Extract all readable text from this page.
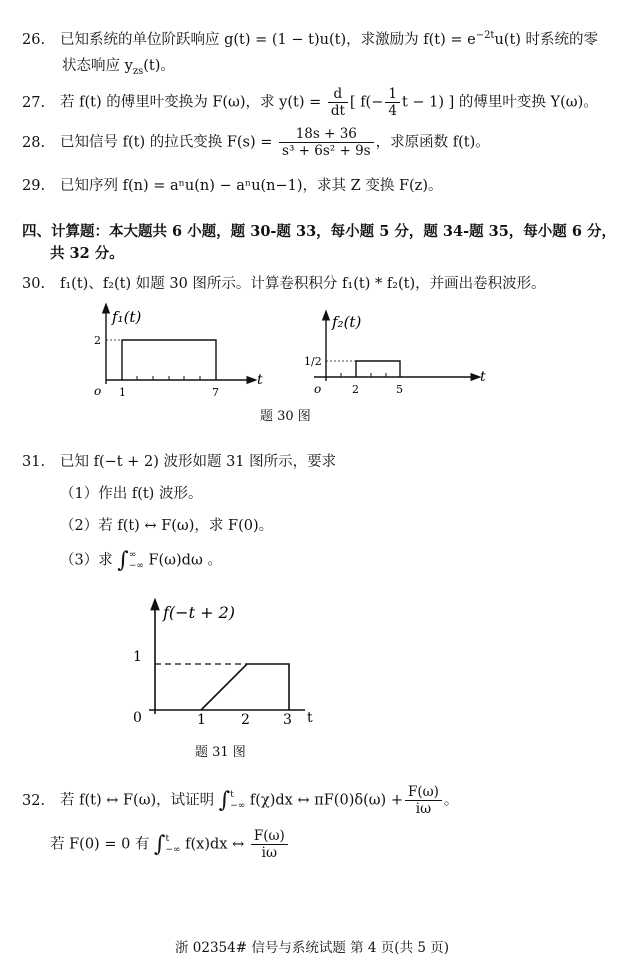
26. 已知系统的单位阶跃响应 g(t) = (1 − t)u(t)，求激励为 $f(t) = e^{-2t}u(t)$ 时系统的零
状态响应 $y_{zs}(t)$。
27. 若 f(t) 的傅里叶变换为 F(ω)，求 $y(t) = \frac{d}{dt}$ [ $f(- \frac{1}{4}$ t − 1) ] 的傅里叶变换 Y(ω)。
28. 已知信号 f(t) 的拉氏变换 $F(s) = \frac{18s + 36}{\text{s³ + 6s² + 9s}}$ ，求原函数 f(t)。
29. 已知序列 f(n) = aⁿu(n) − aⁿu(n−1)，求其 Z 变换 F(z)。
四、计算题：本大题共 6 小题，题 30-题 33，每小题 5 分，题 34-题 35，每小题 6 分，
共 32 分。
30. f₁(t)、f₂(t) 如题 30 图所示。计算卷积积分 f₁(t) * f₂(t)，并画出卷积波形。
f₁(t)
2
o 1	7
t
f₂(t)
1/2
o	2	5
t
题 30 图
31. 已知 f(−t + 2) 波形如题 31 图所示，要求
（1）作出 f(t) 波形。
（2）若 f(t) ↔ F(ω)，求 F(0)。
（3）求 ∫ ∞
−∞ F(ω)dω 。
f(−t + 2)
1
0	1	2 3 t
题 31 图
32. 若 f(t) ↔ F(ω)，试证明 ∫ t
−∞ f(χ)dx ↔ $\pi F(0)\delta(\omega) + \frac{F(\omega)}{i\omega}$ 。
若 F(0) = 0 有 ∫ t
−∞ f(x)dx ↔ $\frac{F(\omega)}{i\omega}$
浙 02354# 信号与系统试题 第 4 页(共 5 页)
